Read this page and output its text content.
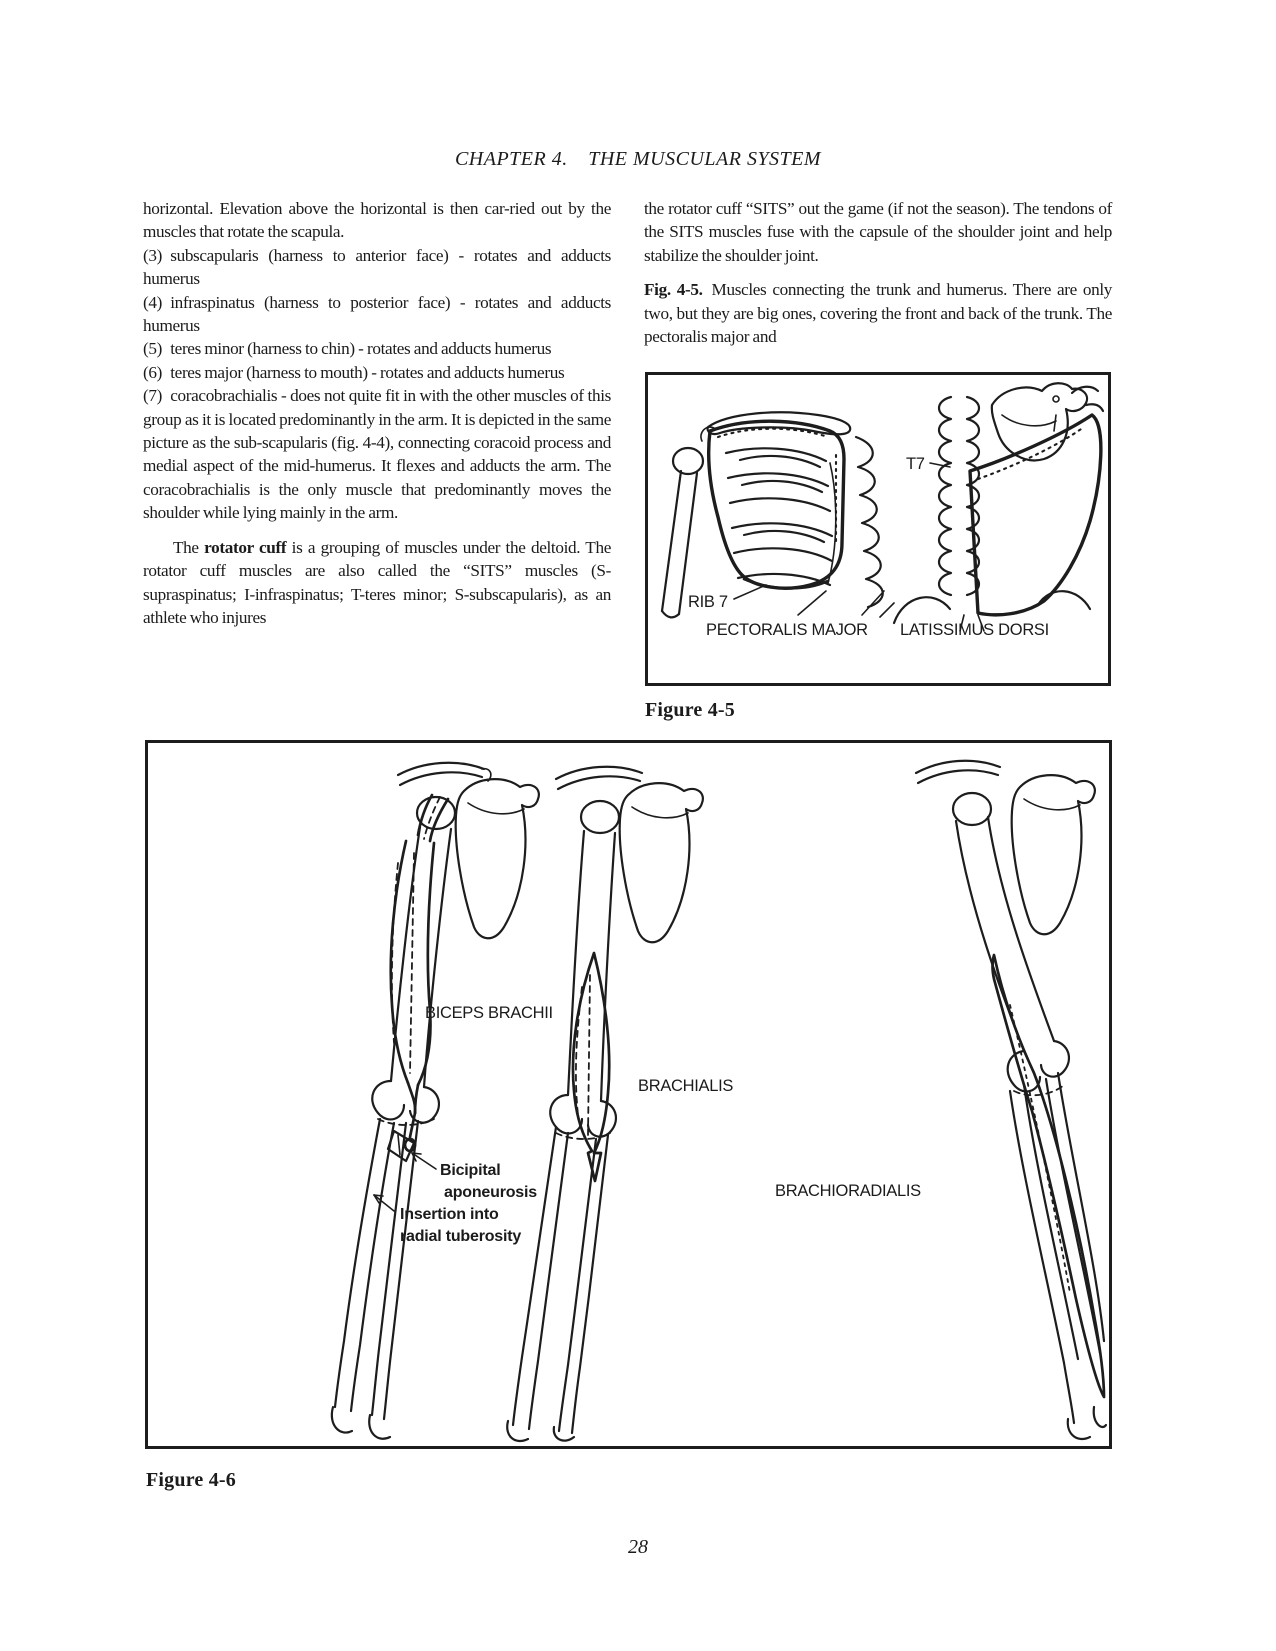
CHAPTER 4. THE MUSCULAR SYSTEM

horizontal. Elevation above the horizontal is then car-ried out by the muscles that rotate the scapula.

(3) subscapularis (harness to anterior face) - rotates and adducts humerus

(4) infraspinatus (harness to posterior face) - rotates and adducts humerus

(5) teres minor (harness to chin) - rotates and adducts humerus

(6) teres major (harness to mouth) - rotates and adducts humerus

(7) coracobrachialis - does not quite fit in with the other muscles of this group as it is located predominantly in the arm. It is depicted in the same picture as the sub-scapularis (fig. 4-4), connecting coracoid process and medial aspect of the mid-humerus. It flexes and adducts the arm. The coracobrachialis is the only muscle that predominantly moves the shoulder while lying mainly in the arm.

The rotator cuff is a grouping of muscles under the deltoid. The rotator cuff muscles are also called the “SITS” muscles (S-supraspinatus; I-infraspinatus; T-teres minor; S-subscapularis), as an athlete who injures

the rotator cuff “SITS” out the game (if not the season). The tendons of the SITS muscles fuse with the capsule of the shoulder joint and help stabilize the shoulder joint.

Fig. 4-5. Muscles connecting the trunk and humerus. There are only two, but they are big ones, covering the front and back of the trunk. The pectoralis major and

RIB 7
PECTORALIS MAJOR
T7
LATISSIMUS DORSI
Figure 4-5
BICEPS BRACHII
Bicipital
aponeurosis
Insertion into
radial tuberosity
BRACHIALIS
BRACHIORADIALIS
Figure 4-6
28
